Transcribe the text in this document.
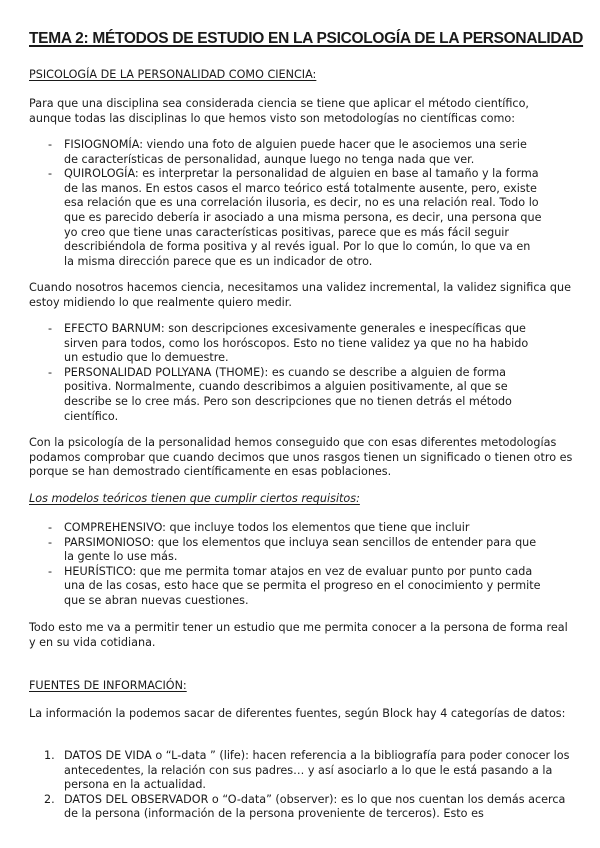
TEMA 2: MÉTODOS DE ESTUDIO EN LA PSICOLOGÍA DE LA PERSONALIDAD
PSICOLOGÍA DE LA PERSONALIDAD COMO CIENCIA:

Para que una disciplina sea considerada ciencia se tiene que aplicar el método científico, aunque todas las disciplinas lo que hemos visto son metodologías no científicas como:

- FISIOGNOMÍA: viendo una foto de alguien puede hacer que le asociemos una serie de características de personalidad, aunque luego no tenga nada que ver.
- QUIROLOGÍA: es interpretar la personalidad de alguien en base al tamaño y la forma de las manos. En estos casos el marco teórico está totalmente ausente, pero, existe esa relación que es una correlación ilusoria, es decir, no es una relación real. Todo lo que es parecido debería ir asociado a una misma persona, es decir, una persona que yo creo que tiene unas características positivas, parece que es más fácil seguir describiéndola de forma positiva y al revés igual. Por lo que lo común, lo que va en la misma dirección parece que es un indicador de otro.

Cuando nosotros hacemos ciencia, necesitamos una validez incremental, la validez significa que estoy midiendo lo que realmente quiero medir.

- EFECTO BARNUM: son descripciones excesivamente generales e inespecíficas que sirven para todos, como los horóscopos. Esto no tiene validez ya que no ha habido un estudio que lo demuestre.
- PERSONALIDAD POLLYANA (THOME): es cuando se describe a alguien de forma positiva. Normalmente, cuando describimos a alguien positivamente, al que se describe se lo cree más. Pero son descripciones que no tienen detrás el método científico.

Con la psicología de la personalidad hemos conseguido que con esas diferentes metodologías podamos comprobar que cuando decimos que unos rasgos tienen un significado o tienen otro es porque se han demostrado científicamente en esas poblaciones.

Los modelos teóricos tienen que cumplir ciertos requisitos:

- COMPREHENSIVO: que incluye todos los elementos que tiene que incluir
- PARSIMONIOSO: que los elementos que incluya sean sencillos de entender para que la gente lo use más.
- HEURÍSTICO: que me permita tomar atajos en vez de evaluar punto por punto cada una de las cosas, esto hace que se permita el progreso en el conocimiento y permite que se abran nuevas cuestiones.

Todo esto me va a permitir tener un estudio que me permita conocer a la persona de forma real y en su vida cotidiana.

FUENTES DE INFORMACIÓN:

La información la podemos sacar de diferentes fuentes, según Block hay 4 categorías de datos:

1. DATOS DE VIDA o “L-data ” (life): hacen referencia a la bibliografía para poder conocer los antecedentes, la relación con sus padres… y así asociarlo a lo que le está pasando a la persona en la actualidad.
2. DATOS DEL OBSERVADOR o “O-data” (observer): es lo que nos cuentan los demás acerca de la persona (información de la persona proveniente de terceros). Esto es
